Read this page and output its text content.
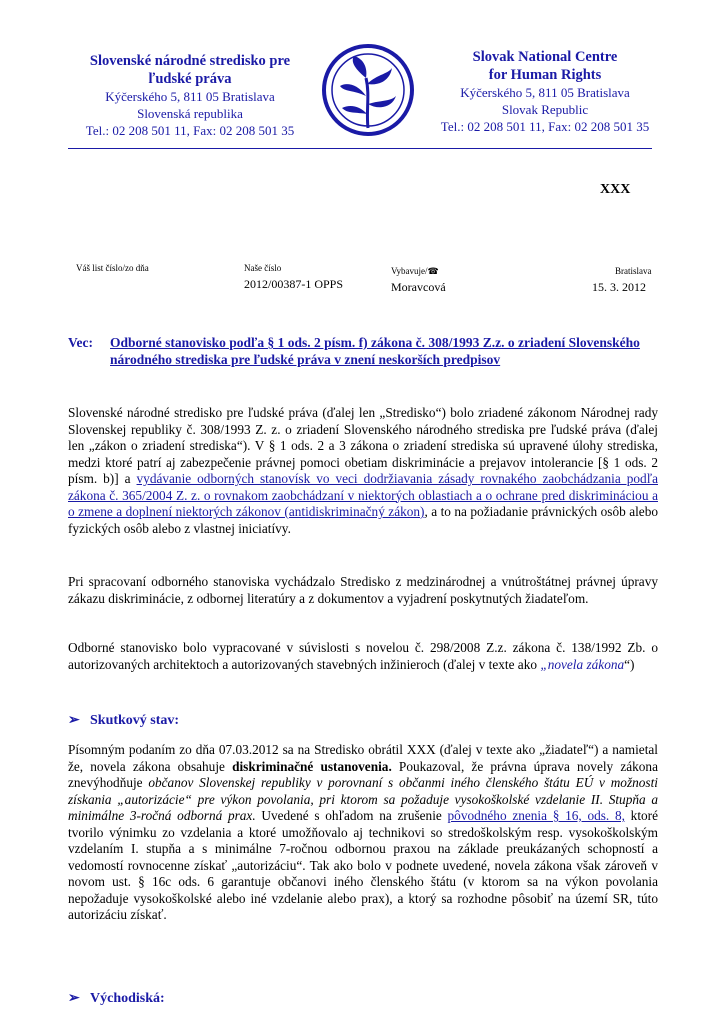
Slovenské národné stredisko pre
ľudské práva
Kýčerského 5, 811 05 Bratislava
Slovenská republika
Tel.: 02 208 501 11, Fax: 02 208 501 35
Slovak National Centre
for Human Rights
Kýčerského 5, 811 05 Bratislava
Slovak Republic
Tel.: 02 208 501 11, Fax: 02 208 501 35
XXX
Váš list číslo/zo dňa	Naše číslo
2012/00387-1 OPPS
Vybavuje/☎
Moravcová
Bratislava
15. 3. 2012
Vec: Odborné stanovisko podľa § 1 ods. 2 písm. f) zákona č. 308/1993 Z.z. o zriadení Slovenského národného strediska pre ľudské práva v znení neskorších predpisov
Slovenské národné stredisko pre ľudské práva (ďalej len „Stredisko“) bolo zriadené zákonom Národnej rady Slovenskej republiky č. 308/1993 Z. z. o zriadení Slovenského národného strediska pre ľudské práva (ďalej len „zákon o zriadení strediska“). V § 1 ods. 2 a 3 zákona o zriadení strediska sú upravené úlohy strediska, medzi ktoré patrí aj zabezpečenie právnej pomoci obetiam diskriminácie a prejavov intolerancie [§ 1 ods. 2 písm. b)] a vydávanie odborných stanovísk vo veci dodržiavania zásady rovnakého zaobchádzania podľa zákona č. 365/2004 Z. z. o rovnakom zaobchádzaní v niektorých oblastiach a o ochrane pred diskrimináciou a o zmene a doplnení niektorých zákonov (antidiskriminačný zákon), a to na požiadanie právnických osôb alebo fyzických osôb alebo z vlastnej iniciatívy.
Pri spracovaní odborného stanoviska vychádzalo Stredisko z medzinárodnej a vnútroštátnej právnej úpravy zákazu diskriminácie, z odbornej literatúry a z dokumentov a vyjadrení poskytnutých žiadateľom.
Odborné stanovisko bolo vypracované v súvislosti s novelou č. 298/2008 Z.z. zákona č. 138/1992 Zb. o autorizovaných architektoch a autorizovaných stavebných inžinieroch (ďalej v texte ako „novela zákona“)
➢ Skutkový stav:
Písomným podaním zo dňa 07.03.2012 sa na Stredisko obrátil XXX (ďalej v texte ako „žiadateľ“) a namietal že, novela zákona obsahuje diskriminačné ustanovenia. Poukazoval, že právna úprava novely zákona znevýhodňuje občanov Slovenskej republiky v porovnaní s občanmi iného členského štátu EÚ v možnosti získania „autorizácie“ pre výkon povolania, pri ktorom sa požaduje vysokoškolské vzdelanie II. Stupňa a minimálne 3-ročná odborná prax. Uvedené s ohľadom na zrušenie pôvodného znenia § 16, ods. 8, ktoré tvorilo výnimku zo vzdelania a ktoré umožňovalo aj technikovi so stredoškolským resp. vysokoškolským vzdelaním I. stupňa a s minimálne 7-ročnou odbornou praxou na základe preukázaných schopností a vedomostí rovnocenne získať „autorizáciu“. Tak ako bolo v podnete uvedené, novela zákona však zároveň v novom ust. § 16c ods. 6 garantuje občanovi iného členského štátu (v ktorom sa na výkon povolania nepožaduje vysokoškolské alebo iné vzdelanie alebo prax), a ktorý sa rozhodne pôsobiť na území SR, túto autorizáciu získať.
➢ Východiská:
